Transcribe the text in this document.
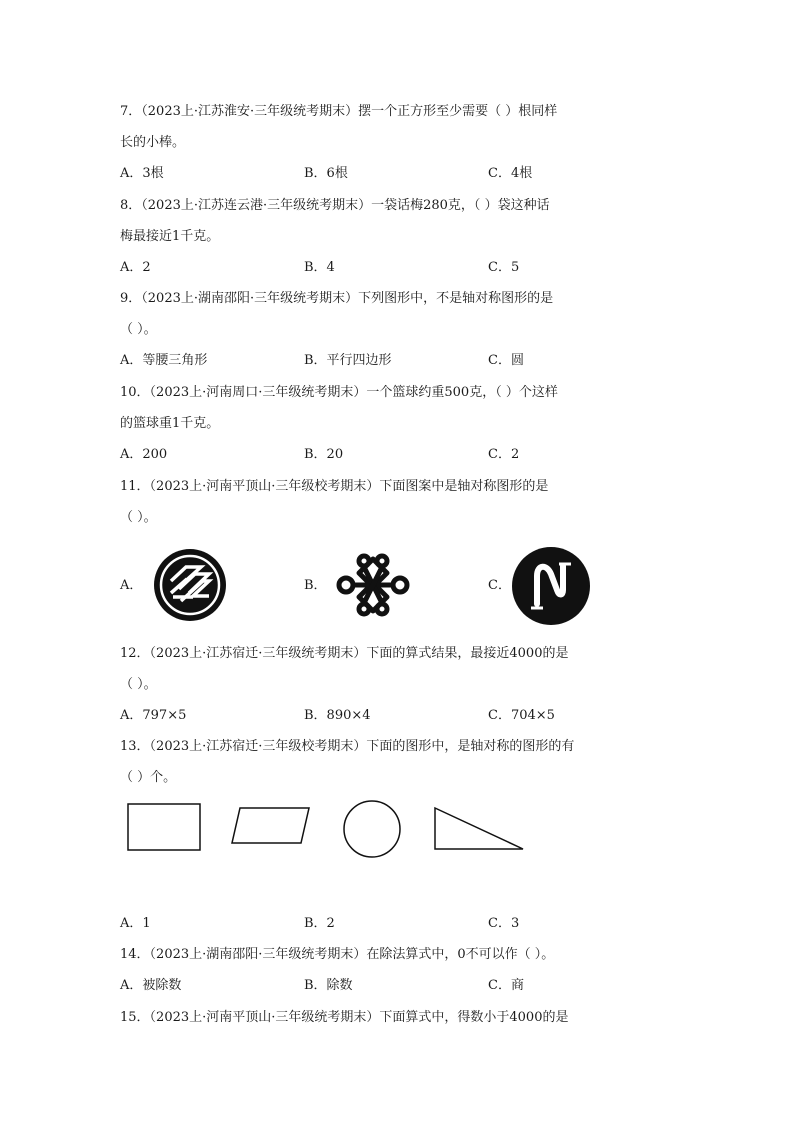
7．（2023上·江苏淮安·三年级统考期末）摆一个正方形至少需要（ ）根同样
长的小棒。
A．3根	B．6根	C．4根
8．（2023上·江苏连云港·三年级统考期末）一袋话梅280克，（ ）袋这种话
梅最接近1千克。
A．2	B．4	C．5
9．（2023上·湖南邵阳·三年级统考期末）下列图形中，不是轴对称图形的是
（ ）。
A．等腰三角形	B．平行四边形	C．圆
10．（2023上·河南周口·三年级统考期末）一个篮球约重500克，（ ）个这样
的篮球重1千克。
A．200	B．20	C．2
11．（2023上·河南平顶山·三年级校考期末）下面图案中是轴对称图形的是
（ ）。
A．	B．	C．
12．（2023上·江苏宿迁·三年级统考期末）下面的算式结果，最接近4000的是
（ ）。
A．797×5	B．890×4	C．704×5
13．（2023上·江苏宿迁·三年级校考期末）下面的图形中，是轴对称的图形的有
（ ）个。
A．1	B．2	C．3
14．（2023上·湖南邵阳·三年级统考期末）在除法算式中，0不可以作（ ）。
A．被除数	B．除数	C．商
15．（2023上·河南平顶山·三年级统考期末）下面算式中，得数小于4000的是
